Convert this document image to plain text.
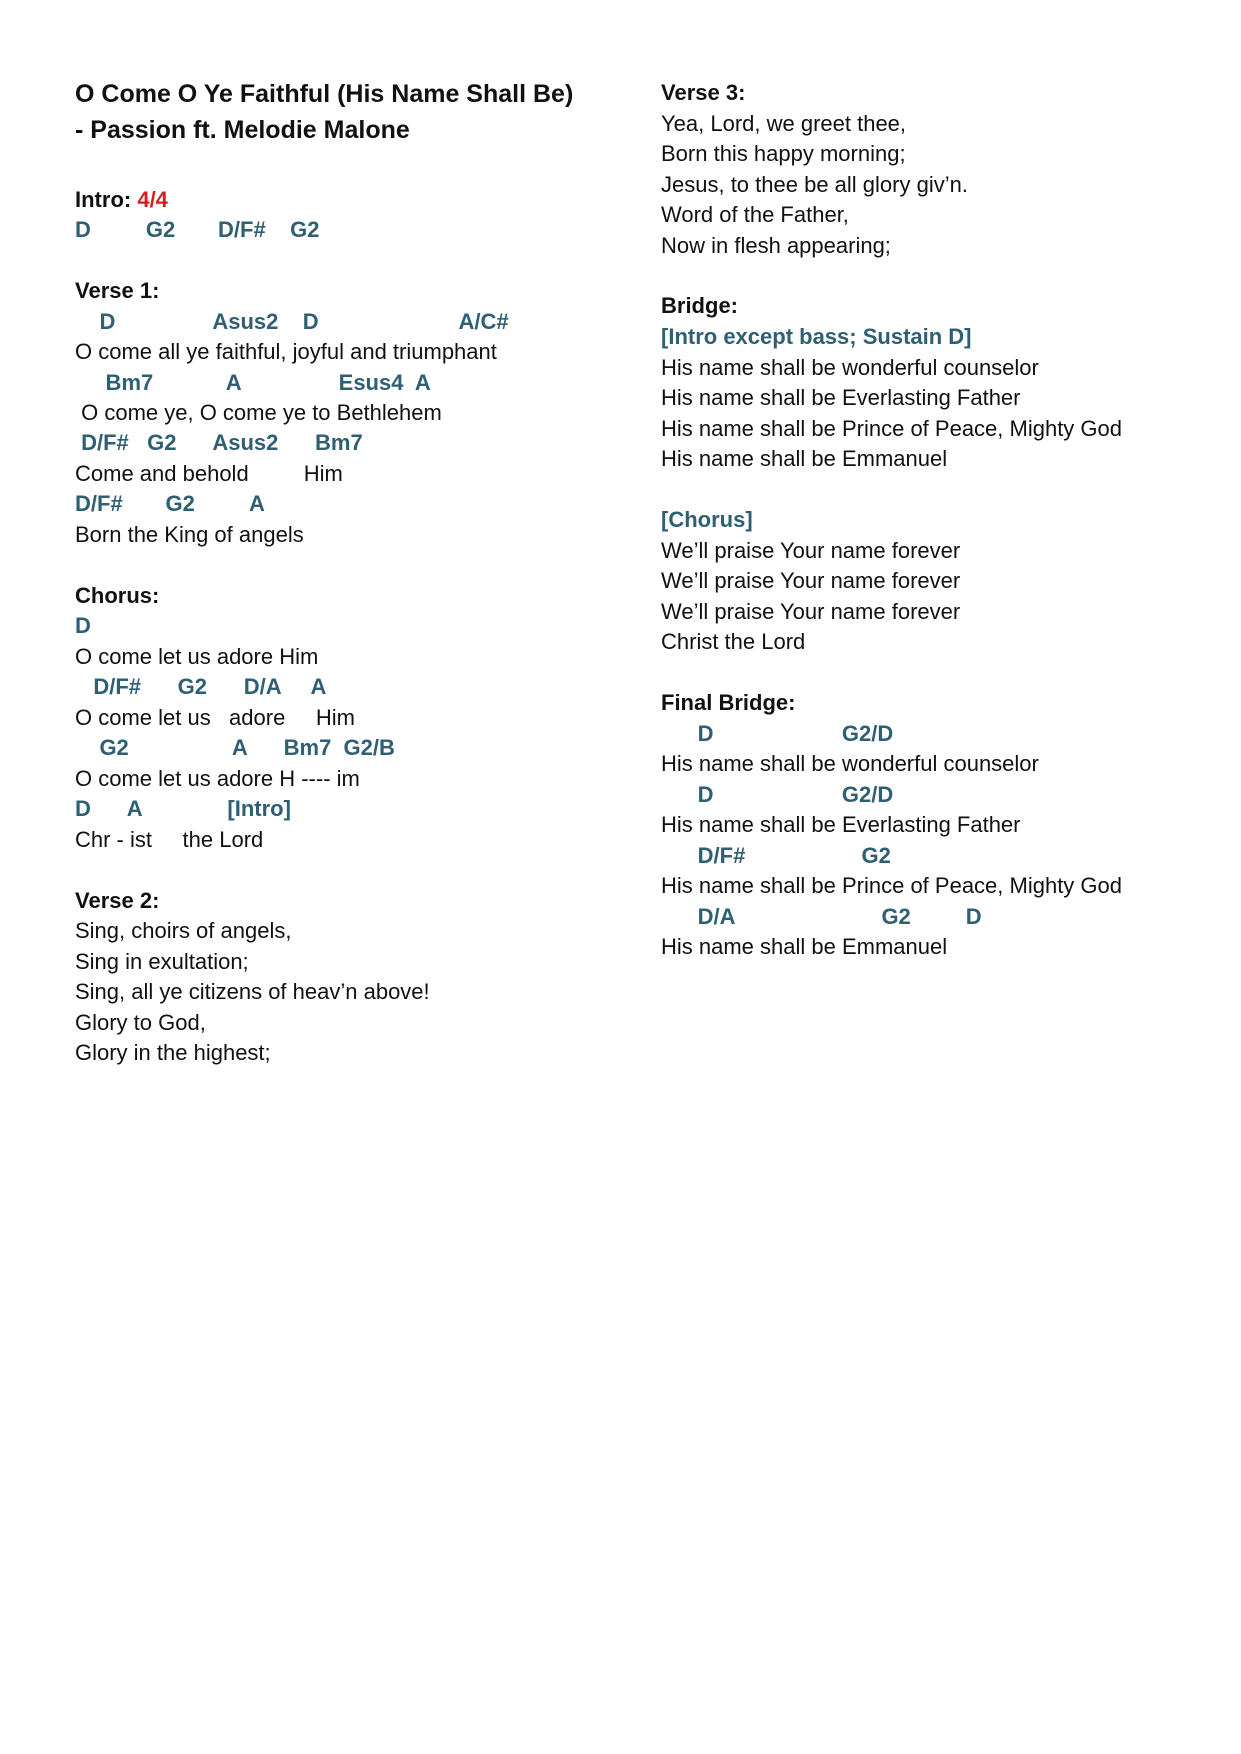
O Come O Ye Faithful (His Name Shall Be)
- Passion ft. Melodie Malone
Intro: 4/4
D         G2       D/F#    G2
Verse 1:
D                Asus2    D                       A/C#
O come all ye faithful, joyful and triumphant
Bm7            A                Esus4  A
O come ye, O come ye to Bethlehem
D/F#   G2      Asus2      Bm7
Come and behold         Him
D/F#       G2         A
Born the King of angels
Chorus:
D
O come let us adore Him
D/F#      G2      D/A     A
O come let us   adore     Him
G2                 A      Bm7  G2/B
O come let us adore H ---- im
D      A              [Intro]
Chr - ist     the Lord
Verse 2:
Sing, choirs of angels,
Sing in exultation;
Sing, all ye citizens of heav’n above!
Glory to God,
Glory in the highest;
Verse 3:
Yea, Lord, we greet thee,
Born this happy morning;
Jesus, to thee be all glory giv’n.
Word of the Father,
Now in flesh appearing;
Bridge:
[Intro except bass; Sustain D]
His name shall be wonderful counselor
His name shall be Everlasting Father
His name shall be Prince of Peace, Mighty God
His name shall be Emmanuel
[Chorus]
We’ll praise Your name forever
We’ll praise Your name forever
We’ll praise Your name forever
Christ the Lord
Final Bridge:
D                     G2/D
His name shall be wonderful counselor
D                     G2/D
His name shall be Everlasting Father
D/F#                   G2
His name shall be Prince of Peace, Mighty God
D/A                        G2         D
His name shall be Emmanuel
